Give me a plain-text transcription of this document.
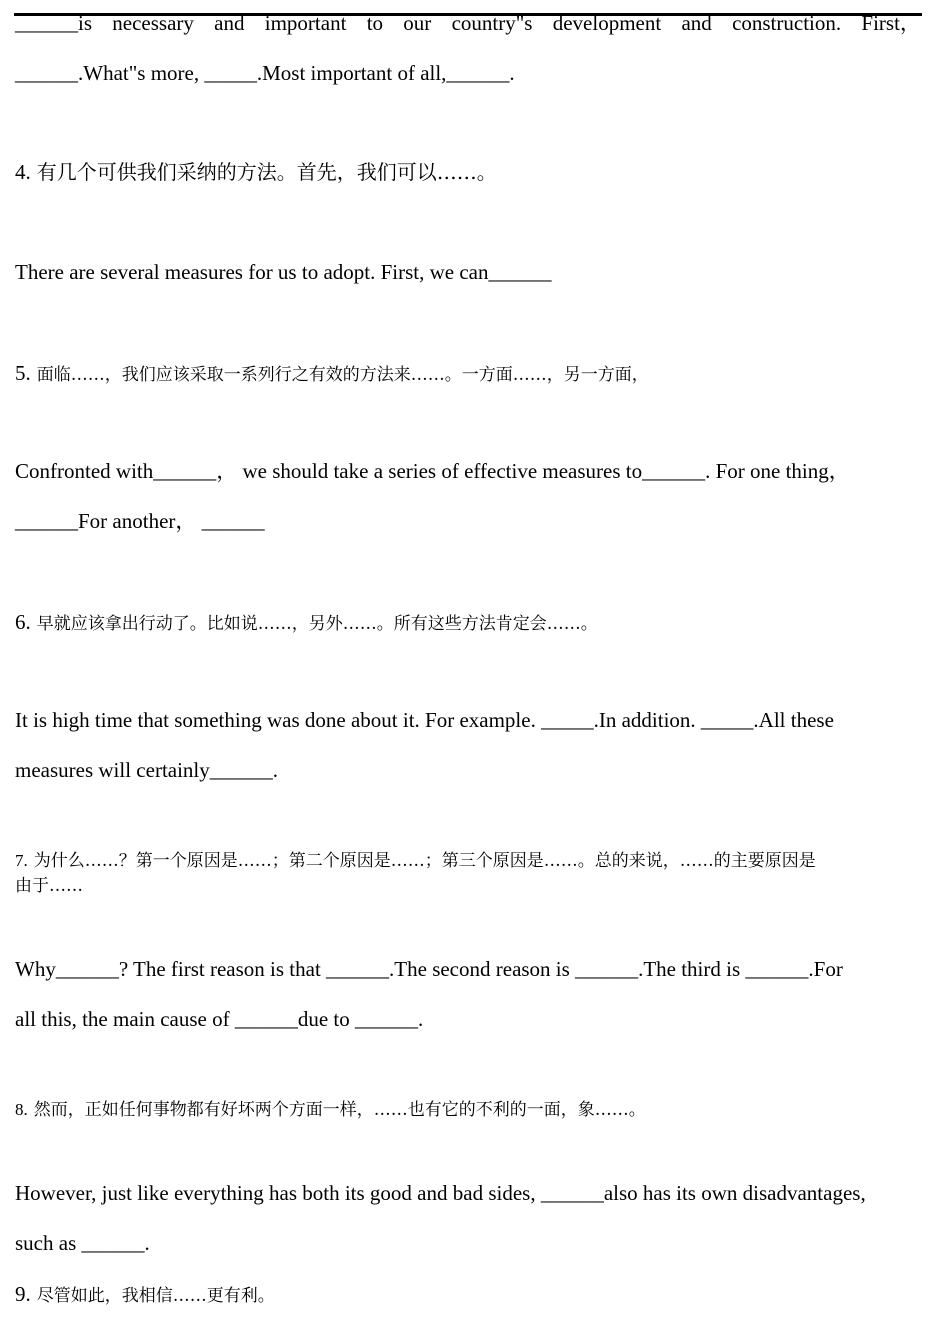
______is necessary and important to our country"s development and construction. First，
______.What"s more, _____.Most important of all,______.
4. 有几个可供我们采纳的方法。首先，我们可以……。
There are several measures for us to adopt. First, we can______
5. 面临……，我们应该采取一系列行之有效的方法来……。一方面……，另一方面，
Confronted with______， we should take a series of effective measures to______. For one thing，
______For another， ______
6. 早就应该拿出行动了。比如说……，另外……。所有这些方法肯定会……。
It is high time that something was done about it. For example. _____.In addition. _____.All these
measures will certainly______.
7. 为什么……？第一个原因是……；第二个原因是……；第三个原因是……。总的来说，……的主要原因是
由于……
Why______? The first reason is that ______.The second reason is ______.The third is ______.For
all this, the main cause of ______due to ______.
8. 然而，正如任何事物都有好坏两个方面一样，……也有它的不利的一面，象……。
However, just like everything has both its good and bad sides, ______also has its own disadvantages,
such as ______.
9. 尽管如此，我相信……更有利。
